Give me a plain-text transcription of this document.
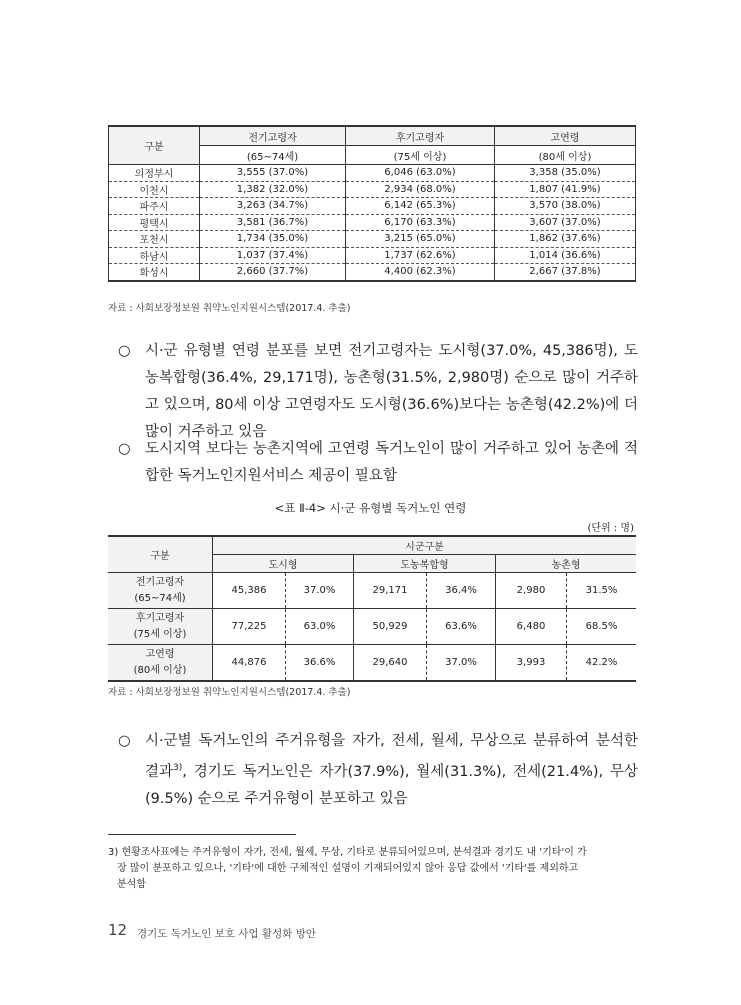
구분	전기고령자	후기고령자	고연령
	(65~74세)	(75세 이상)	(80세 이상)
의정부시	3,555 (37.0%)	6,046 (63.0%)	3,358 (35.0%)
이천시	1,382 (32.0%)	2,934 (68.0%)	1,807 (41.9%)
파주시	3,263 (34.7%)	6,142 (65.3%)	3,570 (38.0%)
평택시	3,581 (36.7%)	6,170 (63.3%)	3,607 (37.0%)
포천시	1,734 (35.0%)	3,215 (65.0%)	1,862 (37.6%)
하남시	1,037 (37.4%)	1,737 (62.6%)	1,014 (36.6%)
화성시	2,660 (37.7%)	4,400 (62.3%)	2,667 (37.8%)
자료 : 사회보장정보원 취약노인지원시스템(2017.4. 추출)
○ 시·군 유형별 연령 분포를 보면 전기고령자는 도시형(37.0%, 45,386명), 도농복합형(36.4%, 29,171명), 농촌형(31.5%, 2,980명) 순으로 많이 거주하고 있으며, 80세 이상 고연령자도 도시형(36.6%)보다는 농촌형(42.2%)에 더 많이 거주하고 있음
○ 도시지역 보다는 농촌지역에 고연령 독거노인이 많이 거주하고 있어 농촌에 적합한 독거노인지원서비스 제공이 필요함
<표 Ⅱ-4> 시·군 유형별 독거노인 연령
(단위 : 명)
구분	시군구분					
	도시형		도농복합형		농촌형	
전기고령자
(65~74세)	45,386	37.0%	29,171	36.4%	2,980	31.5%
후기고령자
(75세 이상)	77,225	63.0%	50,929	63.6%	6,480	68.5%
고연령
(80세 이상)	44,876	36.6%	29,640	37.0%	3,993	42.2%
자료 : 사회보장정보원 취약노인지원시스템(2017.4. 추출)
○ 시·군별 독거노인의 주거유형을 자가, 전세, 월세, 무상으로 분류하여 분석한 결과$^{3)}$, 경기도 독거노인은 자가(37.9%), 월세(31.3%), 전세(21.4%), 무상(9.5%) 순으로 주거유형이 분포하고 있음
3) 현황조사표에는 주거유형이 자가, 전세, 월세, 무상, 기타로 분류되어있으며, 분석결과 경기도 내 '기타'이 가
장 많이 분포하고 있으나, '기타'에 대한 구체적인 설명이 기재되어있지 않아 응답 값에서 '기타'를 제외하고
분석함
12 경기도 독거노인 보호 사업 활성화 방안
